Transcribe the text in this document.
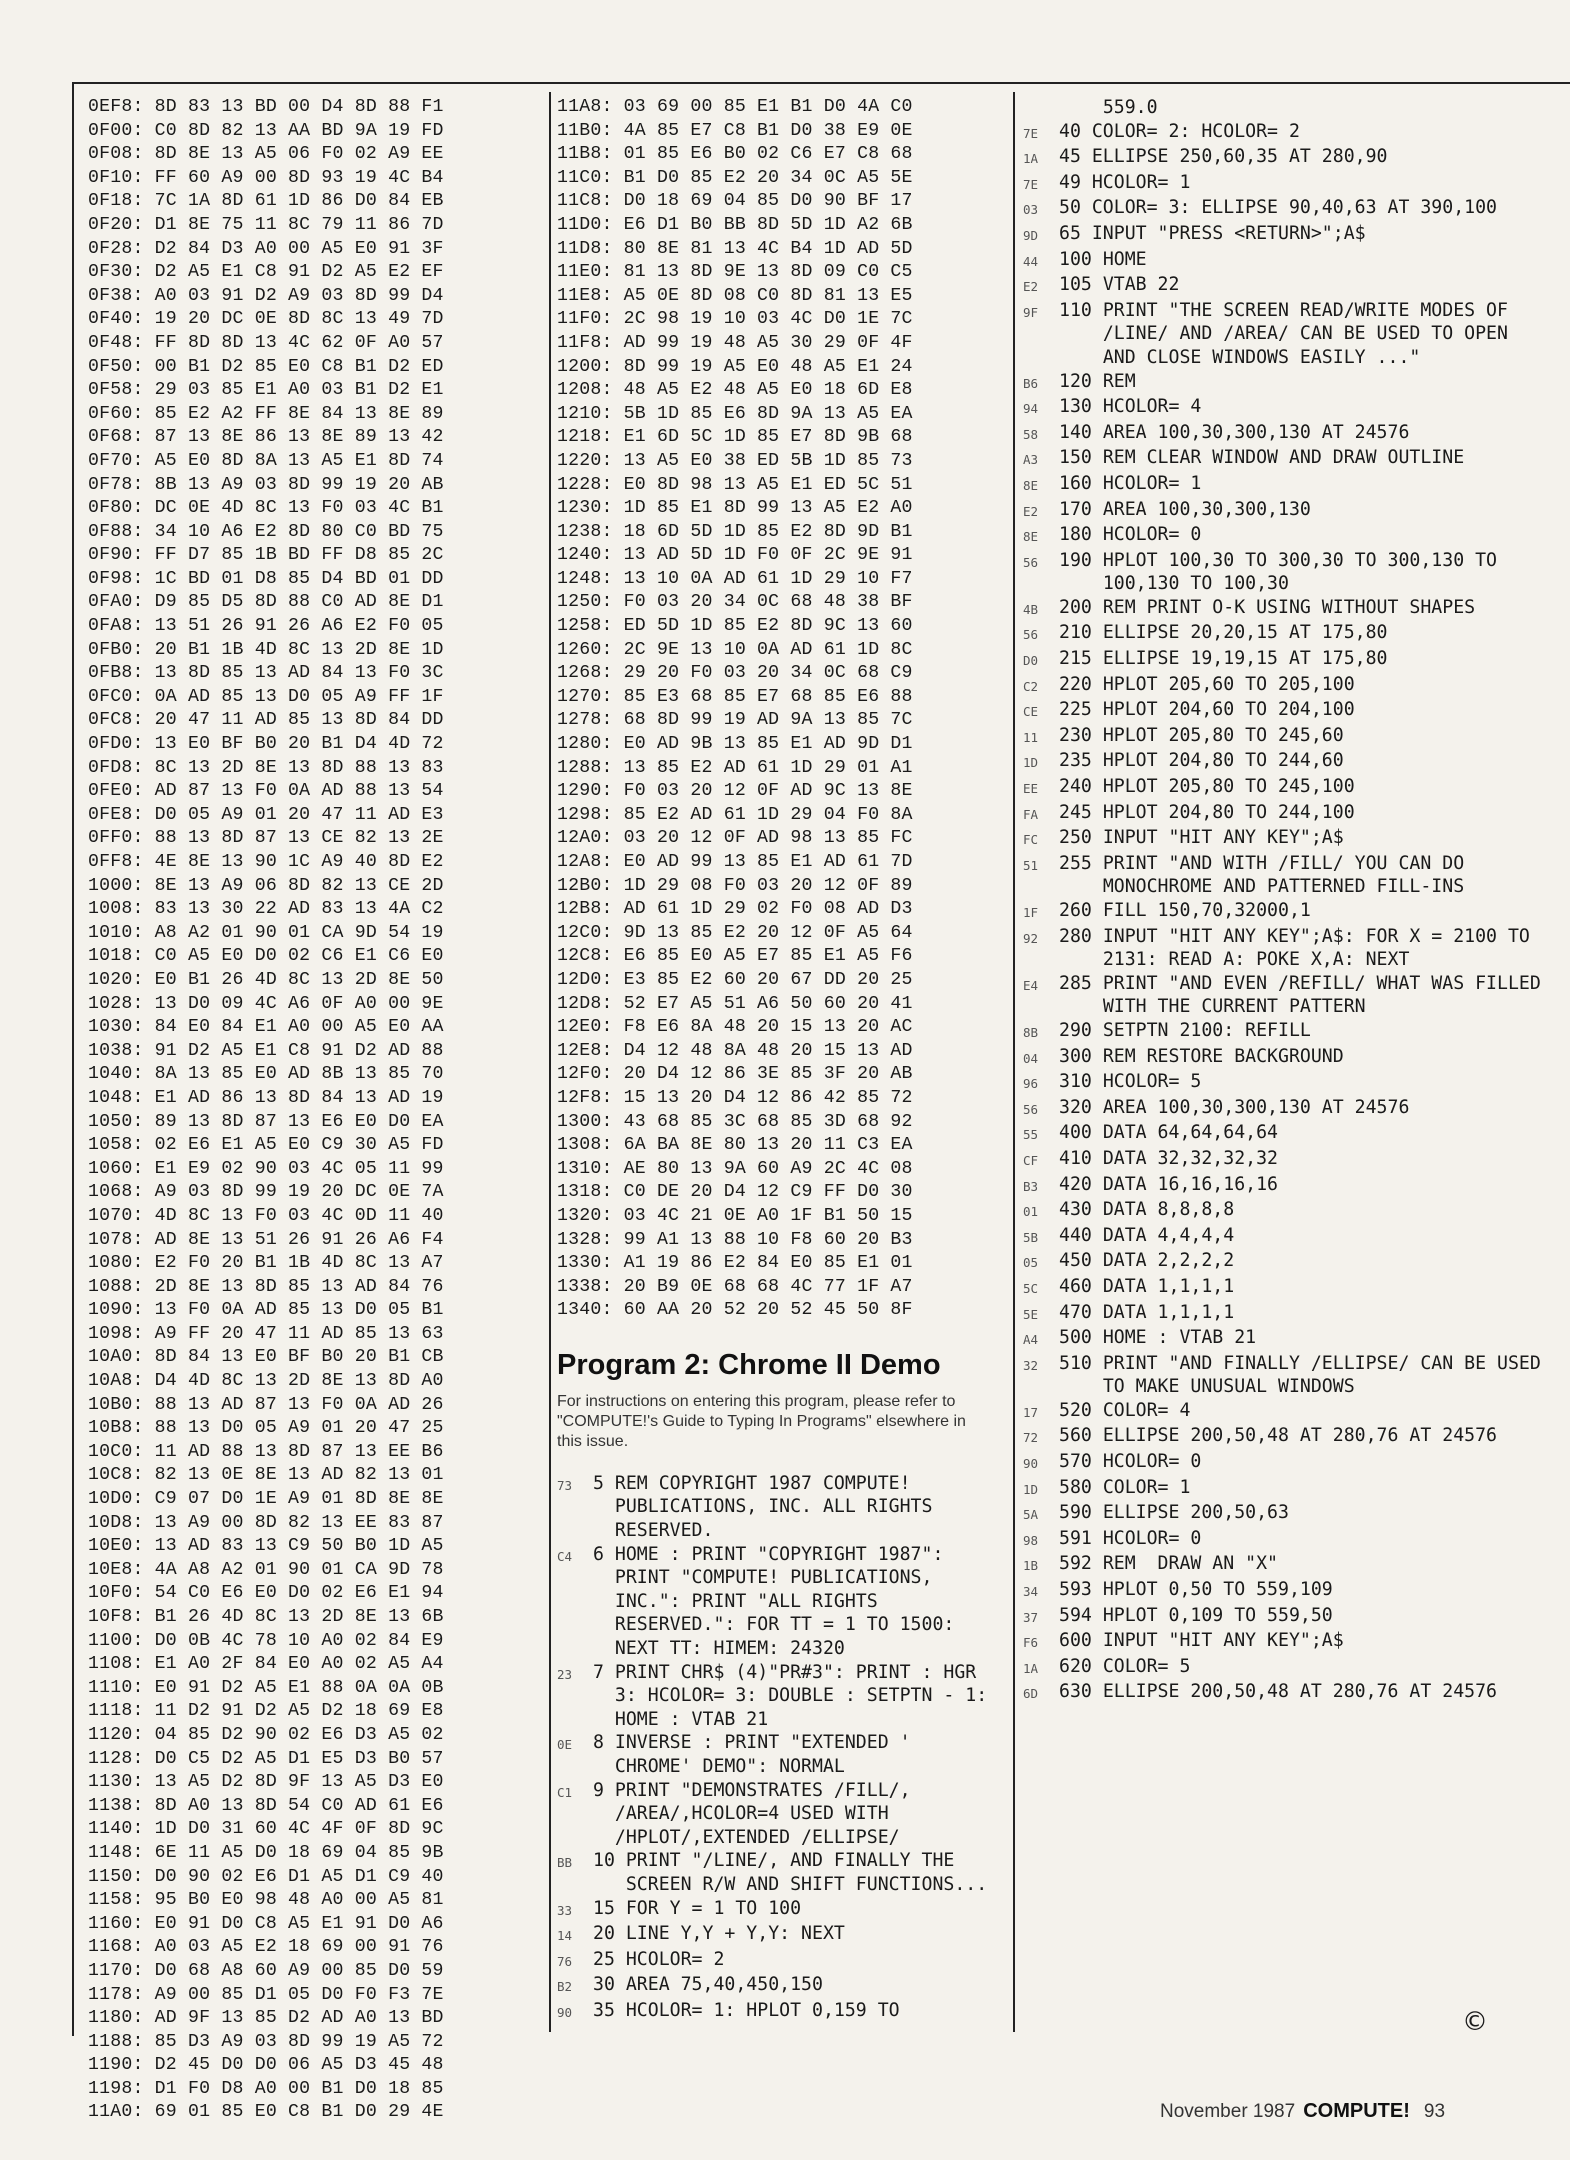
0EF8: 8D 83 13 BD 00 D4 8D 88 F1
0F00: C0 8D 82 13 AA BD 9A 19 FD
0F08: 8D 8E 13 A5 06 F0 02 A9 EE
0F10: FF 60 A9 00 8D 93 19 4C B4
0F18: 7C 1A 8D 61 1D 86 D0 84 EB
0F20: D1 8E 75 11 8C 79 11 86 7D
0F28: D2 84 D3 A0 00 A5 E0 91 3F
0F30: D2 A5 E1 C8 91 D2 A5 E2 EF
0F38: A0 03 91 D2 A9 03 8D 99 D4
0F40: 19 20 DC 0E 8D 8C 13 49 7D
0F48: FF 8D 8D 13 4C 62 0F A0 57
0F50: 00 B1 D2 85 E0 C8 B1 D2 ED
0F58: 29 03 85 E1 A0 03 B1 D2 E1
0F60: 85 E2 A2 FF 8E 84 13 8E 89
0F68: 87 13 8E 86 13 8E 89 13 42
0F70: A5 E0 8D 8A 13 A5 E1 8D 74
0F78: 8B 13 A9 03 8D 99 19 20 AB
0F80: DC 0E 4D 8C 13 F0 03 4C B1
0F88: 34 10 A6 E2 8D 80 C0 BD 75
0F90: FF D7 85 1B BD FF D8 85 2C
0F98: 1C BD 01 D8 85 D4 BD 01 DD
0FA0: D9 85 D5 8D 88 C0 AD 8E D1
0FA8: 13 51 26 91 26 A6 E2 F0 05
0FB0: 20 B1 1B 4D 8C 13 2D 8E 1D
0FB8: 13 8D 85 13 AD 84 13 F0 3C
0FC0: 0A AD 85 13 D0 05 A9 FF 1F
0FC8: 20 47 11 AD 85 13 8D 84 DD
0FD0: 13 E0 BF B0 20 B1 D4 4D 72
0FD8: 8C 13 2D 8E 13 8D 88 13 83
0FE0: AD 87 13 F0 0A AD 88 13 54
0FE8: D0 05 A9 01 20 47 11 AD E3
0FF0: 88 13 8D 87 13 CE 82 13 2E
0FF8: 4E 8E 13 90 1C A9 40 8D E2
1000: 8E 13 A9 06 8D 82 13 CE 2D
1008: 83 13 30 22 AD 83 13 4A C2
1010: A8 A2 01 90 01 CA 9D 54 19
1018: C0 A5 E0 D0 02 C6 E1 C6 E0
1020: E0 B1 26 4D 8C 13 2D 8E 50
1028: 13 D0 09 4C A6 0F A0 00 9E
1030: 84 E0 84 E1 A0 00 A5 E0 AA
1038: 91 D2 A5 E1 C8 91 D2 AD 88
1040: 8A 13 85 E0 AD 8B 13 85 70
1048: E1 AD 86 13 8D 84 13 AD 19
1050: 89 13 8D 87 13 E6 E0 D0 EA
1058: 02 E6 E1 A5 E0 C9 30 A5 FD
1060: E1 E9 02 90 03 4C 05 11 99
1068: A9 03 8D 99 19 20 DC 0E 7A
1070: 4D 8C 13 F0 03 4C 0D 11 40
1078: AD 8E 13 51 26 91 26 A6 F4
1080: E2 F0 20 B1 1B 4D 8C 13 A7
1088: 2D 8E 13 8D 85 13 AD 84 76
1090: 13 F0 0A AD 85 13 D0 05 B1
1098: A9 FF 20 47 11 AD 85 13 63
10A0: 8D 84 13 E0 BF B0 20 B1 CB
10A8: D4 4D 8C 13 2D 8E 13 8D A0
10B0: 88 13 AD 87 13 F0 0A AD 26
10B8: 88 13 D0 05 A9 01 20 47 25
10C0: 11 AD 88 13 8D 87 13 EE B6
10C8: 82 13 0E 8E 13 AD 82 13 01
10D0: C9 07 D0 1E A9 01 8D 8E 8E
10D8: 13 A9 00 8D 82 13 EE 83 87
10E0: 13 AD 83 13 C9 50 B0 1D A5
10E8: 4A A8 A2 01 90 01 CA 9D 78
10F0: 54 C0 E6 E0 D0 02 E6 E1 94
10F8: B1 26 4D 8C 13 2D 8E 13 6B
1100: D0 0B 4C 78 10 A0 02 84 E9
1108: E1 A0 2F 84 E0 A0 02 A5 A4
1110: E0 91 D2 A5 E1 88 0A 0A 0B
1118: 11 D2 91 D2 A5 D2 18 69 E8
1120: 04 85 D2 90 02 E6 D3 A5 02
1128: D0 C5 D2 A5 D1 E5 D3 B0 57
1130: 13 A5 D2 8D 9F 13 A5 D3 E0
1138: 8D A0 13 8D 54 C0 AD 61 E6
1140: 1D D0 31 60 4C 4F 0F 8D 9C
1148: 6E 11 A5 D0 18 69 04 85 9B
1150: D0 90 02 E6 D1 A5 D1 C9 40
1158: 95 B0 E0 98 48 A0 00 A5 81
1160: E0 91 D0 C8 A5 E1 91 D0 A6
1168: A0 03 A5 E2 18 69 00 91 76
1170: D0 68 A8 60 A9 00 85 D0 59
1178: A9 00 85 D1 05 D0 F0 F3 7E
1180: AD 9F 13 85 D2 AD A0 13 BD
1188: 85 D3 A9 03 8D 99 19 A5 72
1190: D2 45 D0 D0 06 A5 D3 45 48
1198: D1 F0 D8 A0 00 B1 D0 18 85
11A0: 69 01 85 E0 C8 B1 D0 29 4E

11A8: 03 69 00 85 E1 B1 D0 4A C0
11B0: 4A 85 E7 C8 B1 D0 38 E9 0E
11B8: 01 85 E6 B0 02 C6 E7 C8 68
11C0: B1 D0 85 E2 20 34 0C A5 5E
11C8: D0 18 69 04 85 D0 90 BF 17
11D0: E6 D1 B0 BB 8D 5D 1D A2 6B
11D8: 80 8E 81 13 4C B4 1D AD 5D
11E0: 81 13 8D 9E 13 8D 09 C0 C5
11E8: A5 0E 8D 08 C0 8D 81 13 E5
11F0: 2C 98 19 10 03 4C D0 1E 7C
11F8: AD 99 19 48 A5 30 29 0F 4F
1200: 8D 99 19 A5 E0 48 A5 E1 24
1208: 48 A5 E2 48 A5 E0 18 6D E8
1210: 5B 1D 85 E6 8D 9A 13 A5 EA
1218: E1 6D 5C 1D 85 E7 8D 9B 68
1220: 13 A5 E0 38 ED 5B 1D 85 73
1228: E0 8D 98 13 A5 E1 ED 5C 51
1230: 1D 85 E1 8D 99 13 A5 E2 A0
1238: 18 6D 5D 1D 85 E2 8D 9D B1
1240: 13 AD 5D 1D F0 0F 2C 9E 91
1248: 13 10 0A AD 61 1D 29 10 F7
1250: F0 03 20 34 0C 68 48 38 BF
1258: ED 5D 1D 85 E2 8D 9C 13 60
1260: 2C 9E 13 10 0A AD 61 1D 8C
1268: 29 20 F0 03 20 34 0C 68 C9
1270: 85 E3 68 85 E7 68 85 E6 88
1278: 68 8D 99 19 AD 9A 13 85 7C
1280: E0 AD 9B 13 85 E1 AD 9D D1
1288: 13 85 E2 AD 61 1D 29 01 A1
1290: F0 03 20 12 0F AD 9C 13 8E
1298: 85 E2 AD 61 1D 29 04 F0 8A
12A0: 03 20 12 0F AD 98 13 85 FC
12A8: E0 AD 99 13 85 E1 AD 61 7D
12B0: 1D 29 08 F0 03 20 12 0F 89
12B8: AD 61 1D 29 02 F0 08 AD D3
12C0: 9D 13 85 E2 20 12 0F A5 64
12C8: E6 85 E0 A5 E7 85 E1 A5 F6
12D0: E3 85 E2 60 20 67 DD 20 25
12D8: 52 E7 A5 51 A6 50 60 20 41
12E0: F8 E6 8A 48 20 15 13 20 AC
12E8: D4 12 48 8A 48 20 15 13 AD
12F0: 20 D4 12 86 3E 85 3F 20 AB
12F8: 15 13 20 D4 12 86 42 85 72
1300: 43 68 85 3C 68 85 3D 68 92
1308: 6A BA 8E 80 13 20 11 C3 EA
1310: AE 80 13 9A 60 A9 2C 4C 08
1318: C0 DE 20 D4 12 C9 FF D0 30
1320: 03 4C 21 0E A0 1F B1 50 15
1328: 99 A1 13 88 10 F8 60 20 B3
1330: A1 19 86 E2 84 E0 85 E1 01
1338: 20 B9 0E 68 68 4C 77 1F A7
1340: 60 AA 20 52 20 52 45 50 8F

Program 2: Chrome II Demo
For instructions on entering this program, please refer to "COMPUTE!'s Guide to Typing In Programs" elsewhere in this issue.
73	5 REM COPYRIGHT 1987 COMPUTE! PUBLICATIONS, INC. ALL RIGHTS RESERVED.
C4	6 HOME : PRINT "COPYRIGHT 1987": PRINT "COMPUTE! PUBLICATIONS, INC.": PRINT "ALL RIGHTS RESERVED.": FOR TT = 1 TO 1500: NEXT TT: HIMEM: 24320
23	7 PRINT CHR$ (4)"PR#3": PRINT : HGR 3: HCOLOR= 3: DOUBLE : SETPTN - 1: HOME : VTAB 21
0E	8 INVERSE : PRINT "EXTENDED ' CHROME' DEMO": NORMAL
C1	9 PRINT "DEMONSTRATES /FILL/, /AREA/,HCOLOR=4 USED WITH /HPLOT/,EXTENDED /ELLIPSE/
BB	10 PRINT "/LINE/, AND FINALLY THE SCREEN R/W AND SHIFT FUNCTIONS...
33	15 FOR Y = 1 TO 100
14	20 LINE Y,Y + Y,Y: NEXT
76	25 HCOLOR= 2
B2	30 AREA 75,40,450,150
90	35 HCOLOR= 1: HPLOT 0,159 TO

559.0
7E	40 COLOR= 2: HCOLOR= 2
1A	45 ELLIPSE 250,60,35 AT 280,90
7E	49 HCOLOR= 1
03	50 COLOR= 3: ELLIPSE 90,40,63 AT 390,100
9D	65 INPUT "PRESS <RETURN>";A$
44	100 HOME
E2	105 VTAB 22
9F	110 PRINT "THE SCREEN READ/WRITE MODES OF /LINE/ AND /AREA/ CAN BE USED TO OPEN AND CLOSE WINDOWS EASILY ..."
B6	120 REM
94	130 HCOLOR= 4
58	140 AREA 100,30,300,130 AT 24576
A3	150 REM CLEAR WINDOW AND DRAW OUTLINE
8E	160 HCOLOR= 1
E2	170 AREA 100,30,300,130
8E	180 HCOLOR= 0
56	190 HPLOT 100,30 TO 300,30 TO 300,130 TO 100,130 TO 100,30
4B	200 REM PRINT O-K USING WITHOUT SHAPES
56	210 ELLIPSE 20,20,15 AT 175,80
D0	215 ELLIPSE 19,19,15 AT 175,80
C2	220 HPLOT 205,60 TO 205,100
CE	225 HPLOT 204,60 TO 204,100
11	230 HPLOT 205,80 TO 245,60
1D	235 HPLOT 204,80 TO 244,60
EE	240 HPLOT 205,80 TO 245,100
FA	245 HPLOT 204,80 TO 244,100
FC	250 INPUT "HIT ANY KEY";A$
51	255 PRINT "AND WITH /FILL/ YOU CAN DO MONOCHROME AND PATTERNED FILL-INS
1F	260 FILL 150,70,32000,1
92	280 INPUT "HIT ANY KEY";A$: FOR X = 2100 TO 2131: READ A: POKE X,A: NEXT
E4	285 PRINT "AND EVEN /REFILL/ WHAT WAS FILLED WITH THE CURRENT PATTERN
8B	290 SETPTN 2100: REFILL
04	300 REM RESTORE BACKGROUND
96	310 HCOLOR= 5
56	320 AREA 100,30,300,130 AT 24576
55	400 DATA 64,64,64,64
CF	410 DATA 32,32,32,32
B3	420 DATA 16,16,16,16
01	430 DATA 8,8,8,8
5B	440 DATA 4,4,4,4
05	450 DATA 2,2,2,2
5C	460 DATA 1,1,1,1
5E	470 DATA 1,1,1,1
A4	500 HOME : VTAB 21
32	510 PRINT "AND FINALLY /ELLIPSE/ CAN BE USED TO MAKE UNUSUAL WINDOWS
17	520 COLOR= 4
72	560 ELLIPSE 200,50,48 AT 280,76 AT 24576
90	570 HCOLOR= 0
1D	580 COLOR= 1
5A	590 ELLIPSE 200,50,63
98	591 HCOLOR= 0
1B	592 REM  DRAW AN "X"
34	593 HPLOT 0,50 TO 559,109
37	594 HPLOT 0,109 TO 559,50
F6	600 INPUT "HIT ANY KEY";A$
1A	620 COLOR= 5
6D	630 ELLIPSE 200,50,48 AT 280,76 AT 24576
©
November 1987 COMPUTE! 93
